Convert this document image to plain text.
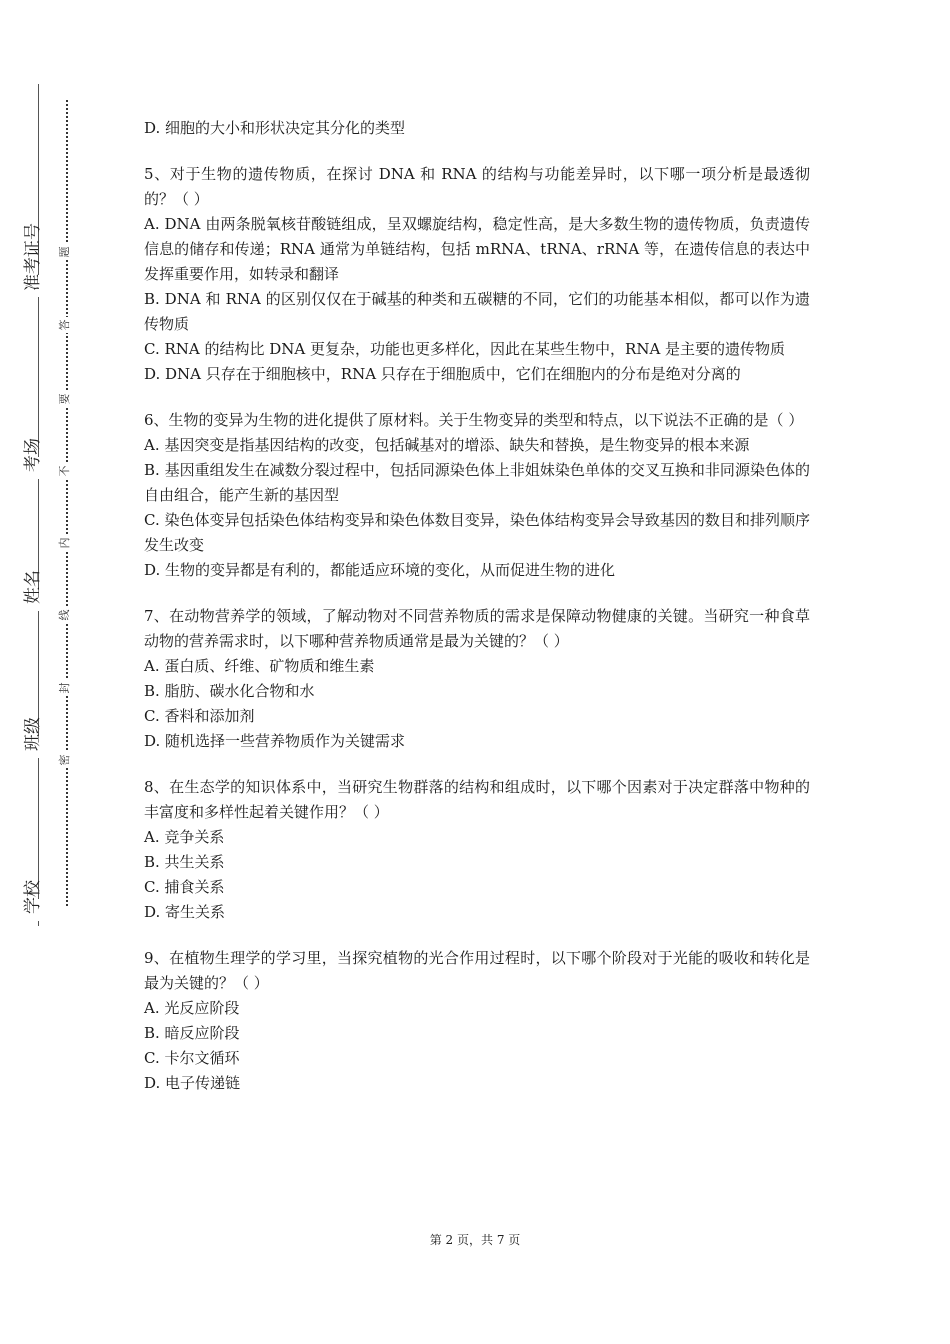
准考证号
考场
姓名
班级
学校
题
答
要
不
内
线
封
密

D. 细胞的大小和形状决定其分化的类型

5、对于生物的遗传物质，在探讨 DNA 和 RNA 的结构与功能差异时，以下哪一项分析是最透彻的？（ ）

A. DNA 由两条脱氧核苷酸链组成，呈双螺旋结构，稳定性高，是大多数生物的遗传物质，负责遗传信息的储存和传递；RNA 通常为单链结构，包括 mRNA、tRNA、rRNA 等，在遗传信息的表达中发挥重要作用，如转录和翻译

B. DNA 和 RNA 的区别仅仅在于碱基的种类和五碳糖的不同，它们的功能基本相似，都可以作为遗传物质

C. RNA 的结构比 DNA 更复杂，功能也更多样化，因此在某些生物中，RNA 是主要的遗传物质

D. DNA 只存在于细胞核中，RNA 只存在于细胞质中，它们在细胞内的分布是绝对分离的

6、生物的变异为生物的进化提供了原材料。关于生物变异的类型和特点，以下说法不正确的是（ ）

A. 基因突变是指基因结构的改变，包括碱基对的增添、缺失和替换，是生物变异的根本来源

B. 基因重组发生在减数分裂过程中，包括同源染色体上非姐妹染色单体的交叉互换和非同源染色体的自由组合，能产生新的基因型

C. 染色体变异包括染色体结构变异和染色体数目变异，染色体结构变异会导致基因的数目和排列顺序发生改变

D. 生物的变异都是有利的，都能适应环境的变化，从而促进生物的进化

7、在动物营养学的领域，了解动物对不同营养物质的需求是保障动物健康的关键。当研究一种食草动物的营养需求时，以下哪种营养物质通常是最为关键的？（ ）

A. 蛋白质、纤维、矿物质和维生素

B. 脂肪、碳水化合物和水

C. 香料和添加剂

D. 随机选择一些营养物质作为关键需求

8、在生态学的知识体系中，当研究生物群落的结构和组成时，以下哪个因素对于决定群落中物种的丰富度和多样性起着关键作用？（ ）

A. 竞争关系

B. 共生关系

C. 捕食关系

D. 寄生关系

9、在植物生理学的学习里，当探究植物的光合作用过程时，以下哪个阶段对于光能的吸收和转化是最为关键的？（ ）

A. 光反应阶段

B. 暗反应阶段

C. 卡尔文循环

D. 电子传递链

第 2 页，共 7 页
